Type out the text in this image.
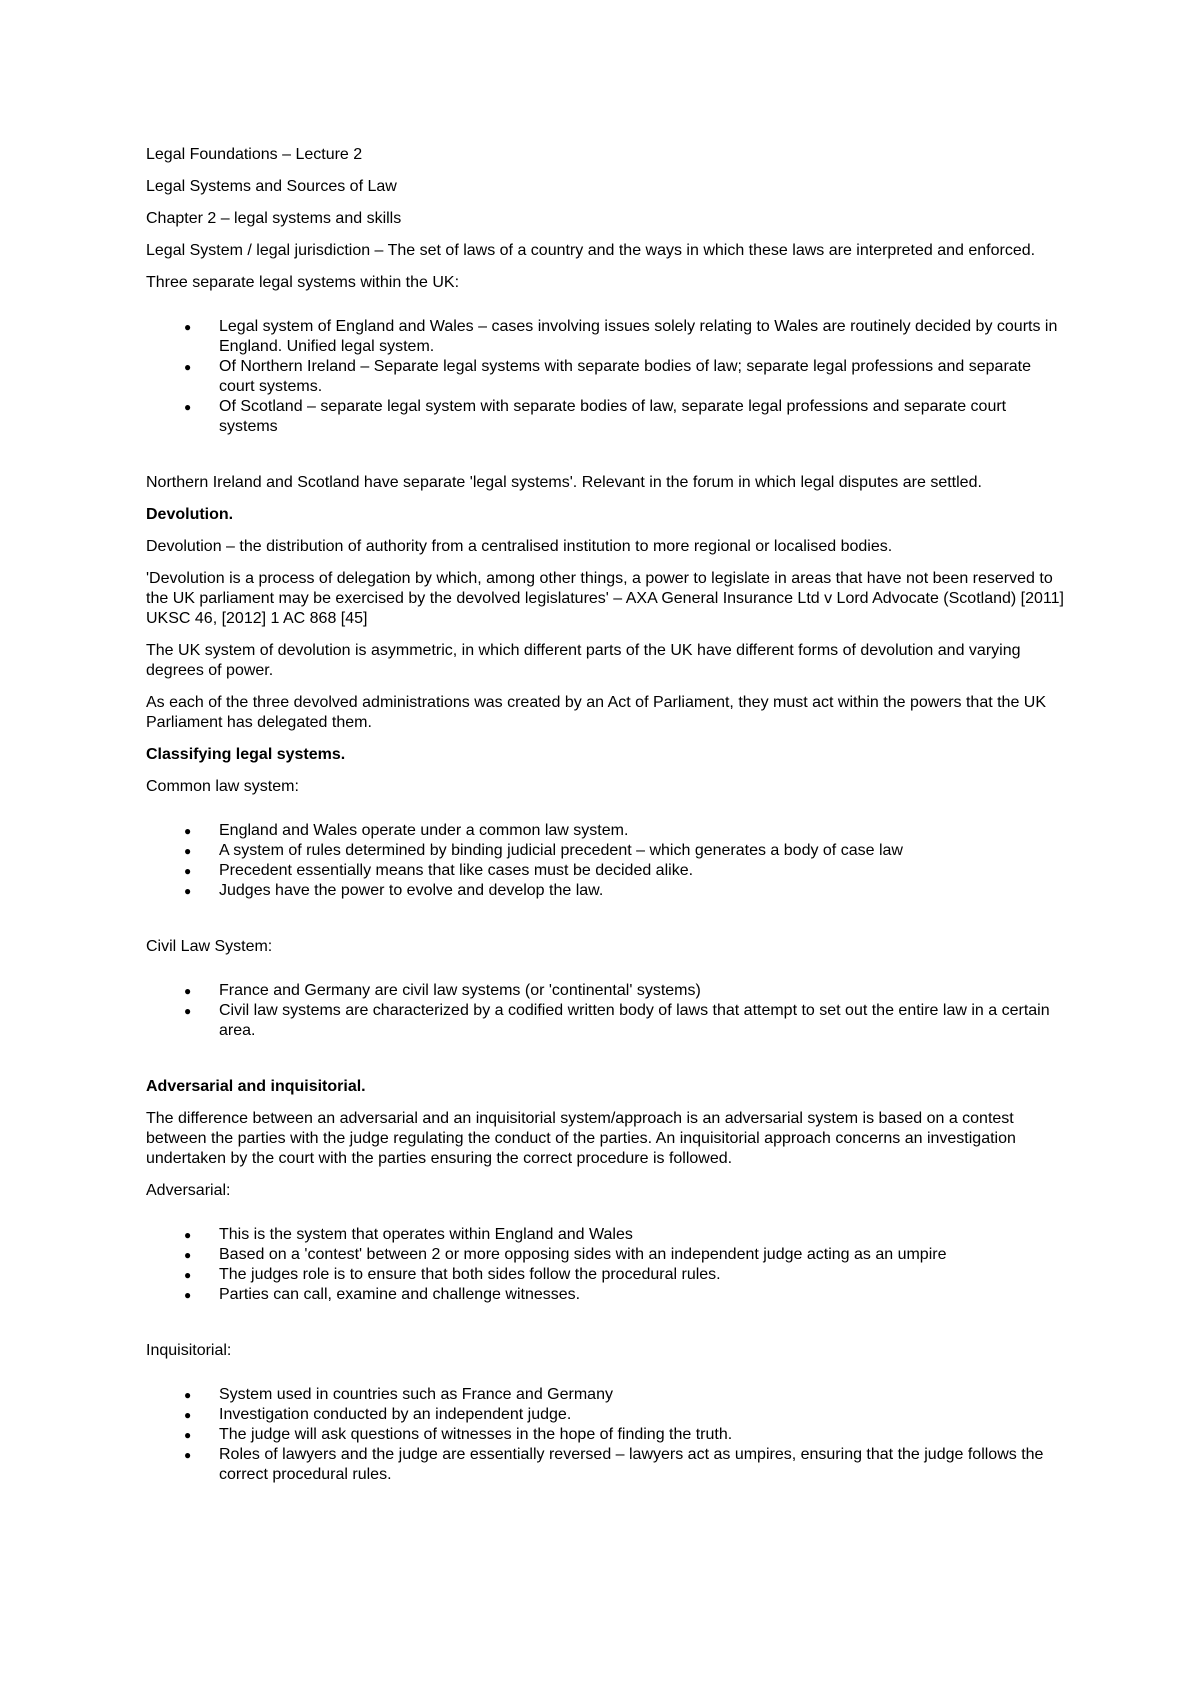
Legal Foundations – Lecture 2

Legal Systems and Sources of Law

Chapter 2 – legal systems and skills

Legal System / legal jurisdiction – The set of laws of a country and the ways in which these laws are interpreted and enforced.

Three separate legal systems within the UK:

● Legal system of England and Wales – cases involving issues solely relating to Wales are routinely decided by courts in England. Unified legal system.
● Of Northern Ireland – Separate legal systems with separate bodies of law; separate legal professions and separate court systems.
● Of Scotland – separate legal system with separate bodies of law, separate legal professions and separate court systems

Northern Ireland and Scotland have separate 'legal systems'. Relevant in the forum in which legal disputes are settled.

Devolution.

Devolution – the distribution of authority from a centralised institution to more regional or localised bodies.

'Devolution is a process of delegation by which, among other things, a power to legislate in areas that have not been reserved to the UK parliament may be exercised by the devolved legislatures' – AXA General Insurance Ltd v Lord Advocate (Scotland) [2011] UKSC 46, [2012] 1 AC 868 [45]

The UK system of devolution is asymmetric, in which different parts of the UK have different forms of devolution and varying degrees of power.

As each of the three devolved administrations was created by an Act of Parliament, they must act within the powers that the UK Parliament has delegated them.

Classifying legal systems.

Common law system:

● England and Wales operate under a common law system.
● A system of rules determined by binding judicial precedent – which generates a body of case law
● Precedent essentially means that like cases must be decided alike.
● Judges have the power to evolve and develop the law.

Civil Law System:

● France and Germany are civil law systems (or 'continental' systems)
● Civil law systems are characterized by a codified written body of laws that attempt to set out the entire law in a certain area.

Adversarial and inquisitorial.

The difference between an adversarial and an inquisitorial system/approach is an adversarial system is based on a contest between the parties with the judge regulating the conduct of the parties. An inquisitorial approach concerns an investigation undertaken by the court with the parties ensuring the correct procedure is followed.

Adversarial:

● This is the system that operates within England and Wales
● Based on a 'contest' between 2 or more opposing sides with an independent judge acting as an umpire
● The judges role is to ensure that both sides follow the procedural rules.
● Parties can call, examine and challenge witnesses.

Inquisitorial:

● System used in countries such as France and Germany
● Investigation conducted by an independent judge.
● The judge will ask questions of witnesses in the hope of finding the truth.
● Roles of lawyers and the judge are essentially reversed – lawyers act as umpires, ensuring that the judge follows the correct procedural rules.
